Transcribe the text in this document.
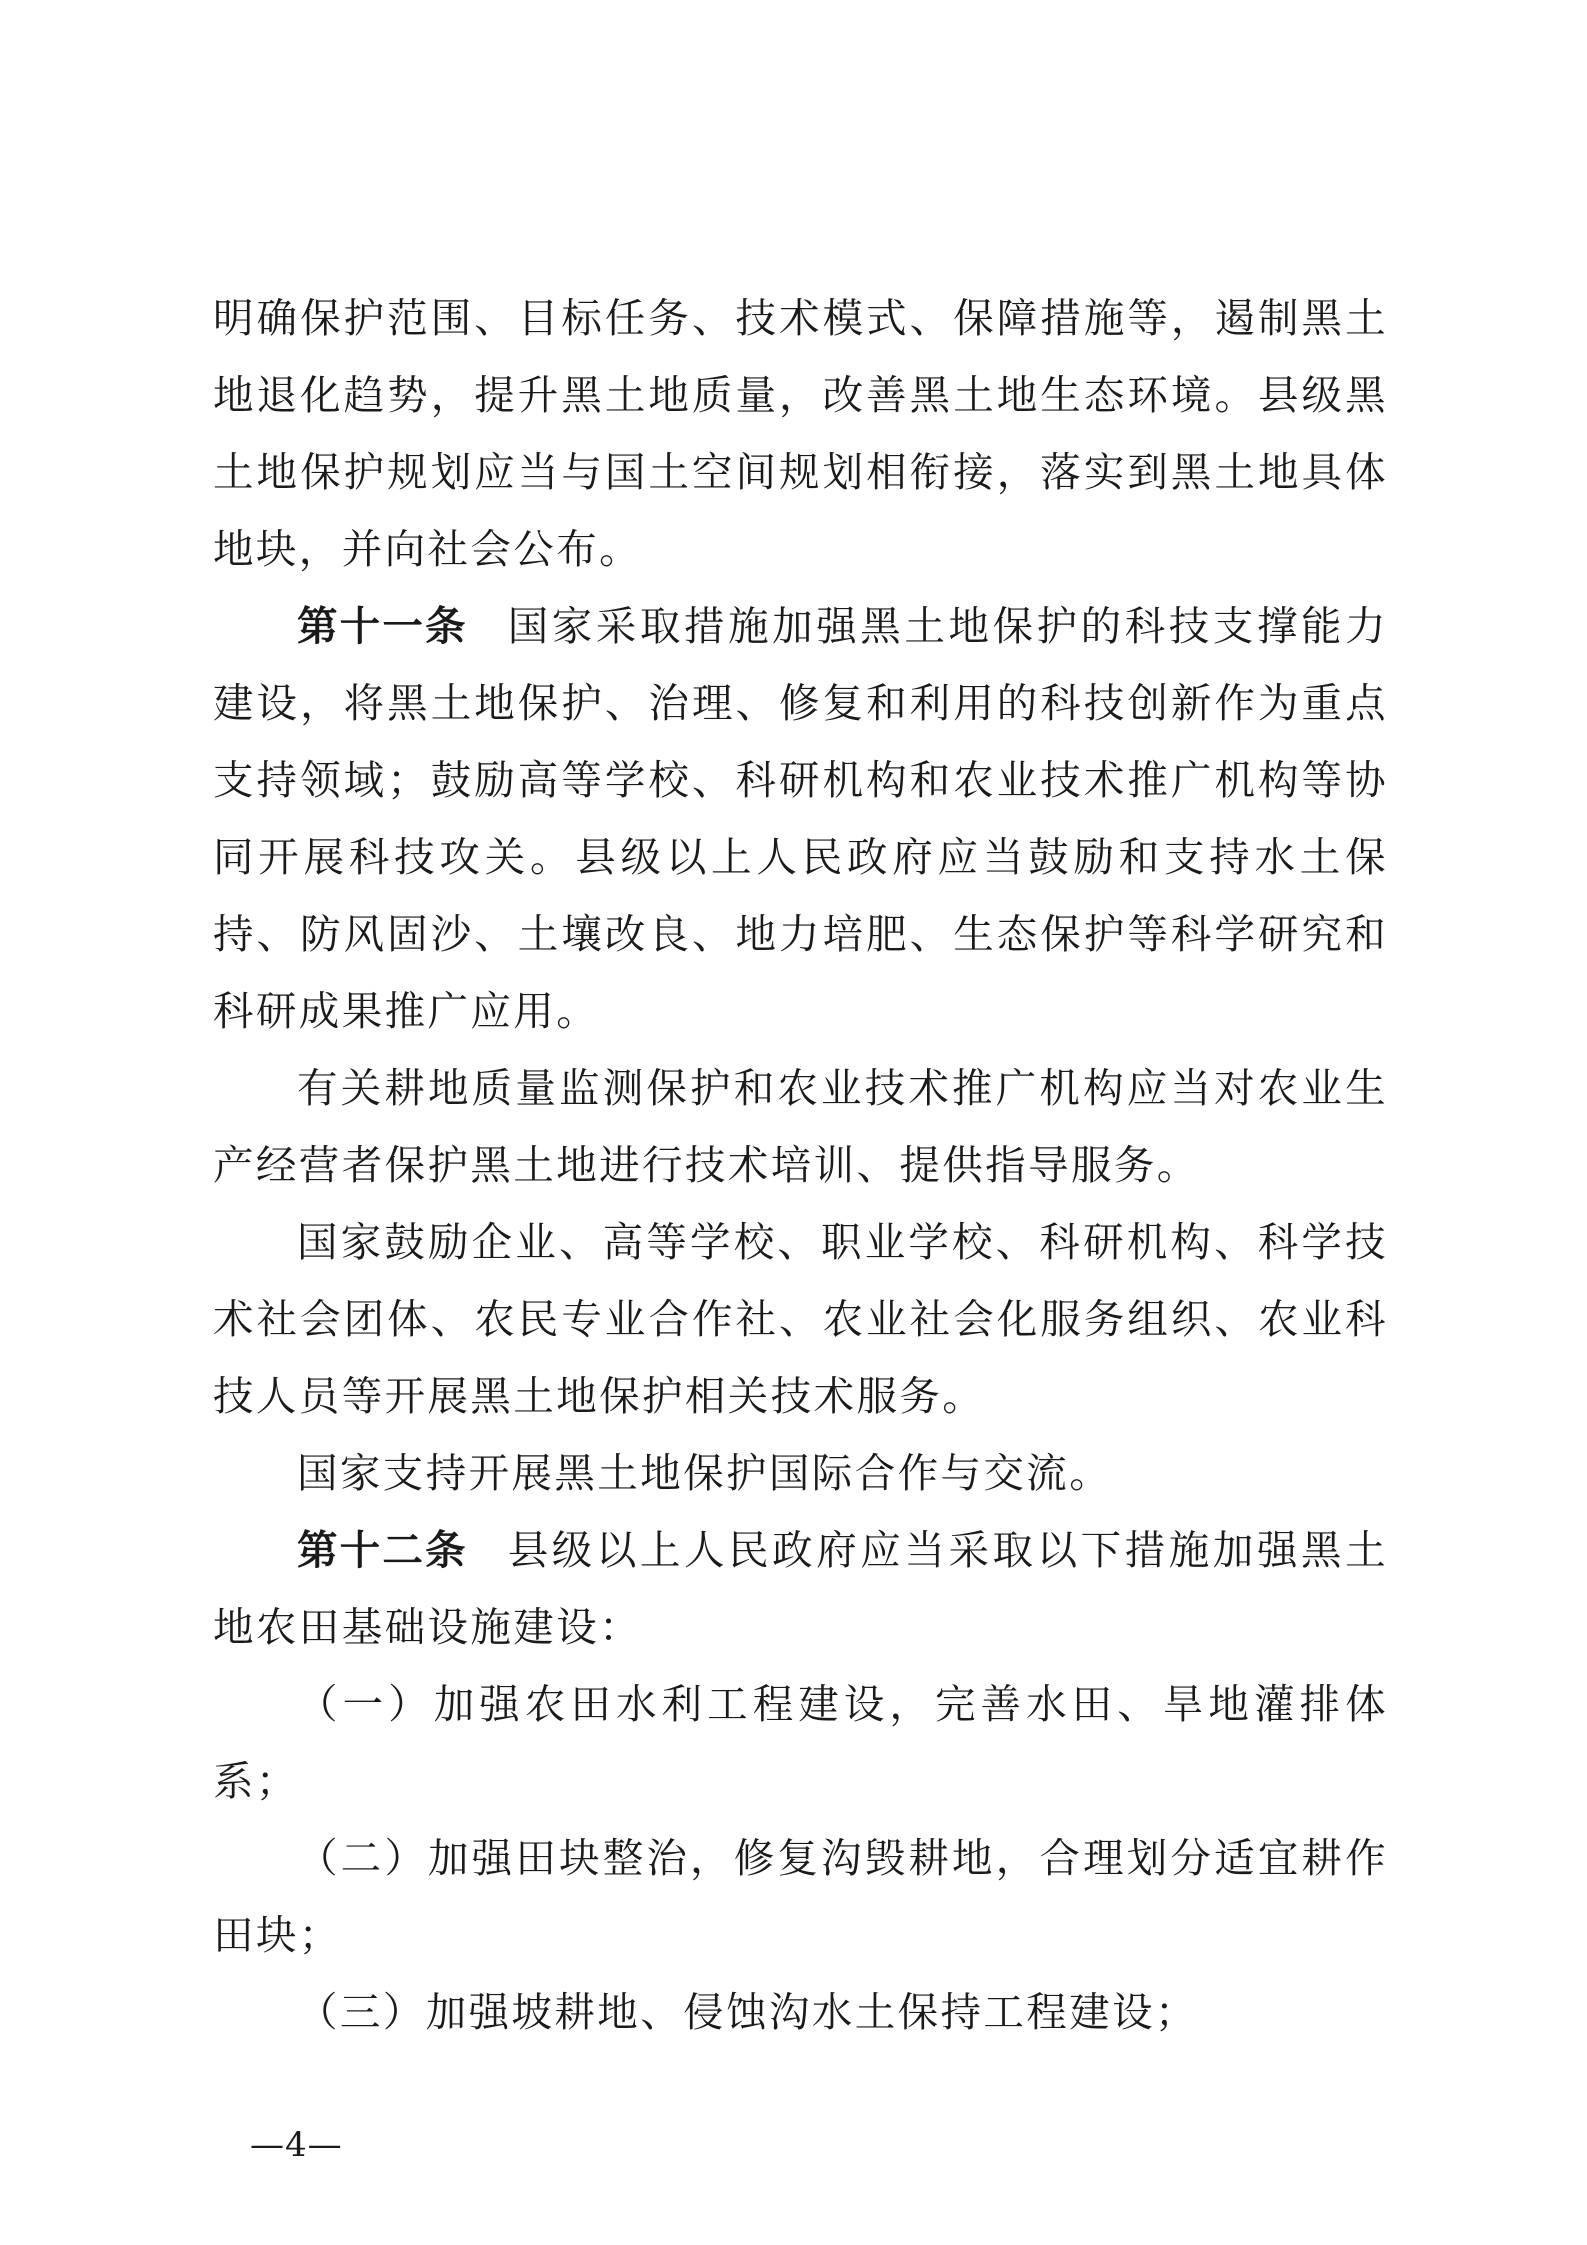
明确保护范围、目标任务、技术模式、保障措施等，遏制黑土地退化趋势，提升黑土地质量，改善黑土地生态环境。县级黑土地保护规划应当与国土空间规划相衔接，落实到黑土地具体地块，并向社会公布。

第十一条 国家采取措施加强黑土地保护的科技支撑能力建设，将黑土地保护、治理、修复和利用的科技创新作为重点支持领域；鼓励高等学校、科研机构和农业技术推广机构等协同开展科技攻关。县级以上人民政府应当鼓励和支持水土保持、防风固沙、土壤改良、地力培肥、生态保护等科学研究和科研成果推广应用。

有关耕地质量监测保护和农业技术推广机构应当对农业生产经营者保护黑土地进行技术培训、提供指导服务。

国家鼓励企业、高等学校、职业学校、科研机构、科学技术社会团体、农民专业合作社、农业社会化服务组织、农业科技人员等开展黑土地保护相关技术服务。

国家支持开展黑土地保护国际合作与交流。

第十二条 县级以上人民政府应当采取以下措施加强黑土地农田基础设施建设：

（一）加强农田水利工程建设，完善水田、旱地灌排体系；

（二）加强田块整治，修复沟毁耕地，合理划分适宜耕作田块；

（三）加强坡耕地、侵蚀沟水土保持工程建设；

—4—
